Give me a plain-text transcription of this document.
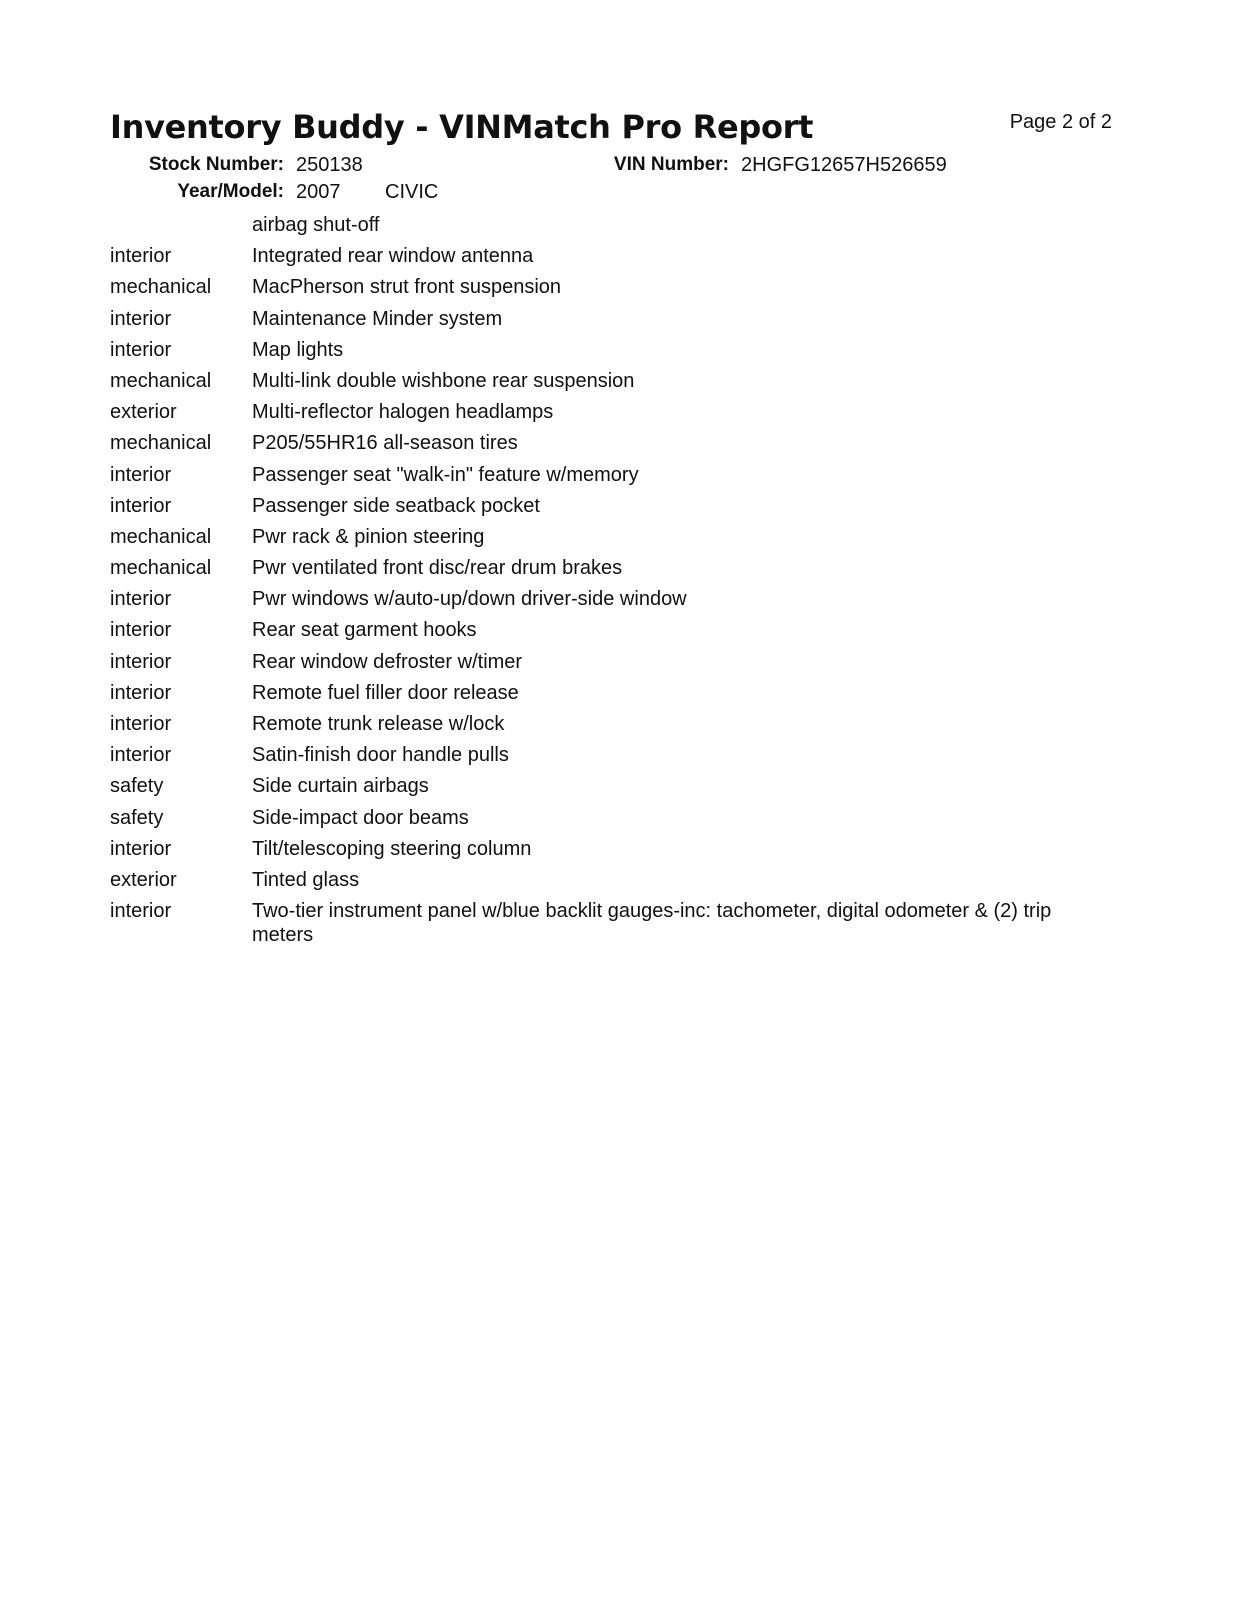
Inventory Buddy - VINMatch Pro Report	Page 2 of 2
Stock Number: 250138	VIN Number: 2HGFG12657H526659
Year/Model: 2007 CIVIC
airbag shut-off
interior	Integrated rear window antenna
mechanical	MacPherson strut front suspension
interior	Maintenance Minder system
interior	Map lights
mechanical	Multi-link double wishbone rear suspension
exterior	Multi-reflector halogen headlamps
mechanical	P205/55HR16 all-season tires
interior	Passenger seat "walk-in" feature w/memory
interior	Passenger side seatback pocket
mechanical	Pwr rack & pinion steering
mechanical	Pwr ventilated front disc/rear drum brakes
interior	Pwr windows w/auto-up/down driver-side window
interior	Rear seat garment hooks
interior	Rear window defroster w/timer
interior	Remote fuel filler door release
interior	Remote trunk release w/lock
interior	Satin-finish door handle pulls
safety	Side curtain airbags
safety	Side-impact door beams
interior	Tilt/telescoping steering column
exterior	Tinted glass
interior	Two-tier instrument panel w/blue backlit gauges-inc: tachometer, digital odometer & (2) trip meters
